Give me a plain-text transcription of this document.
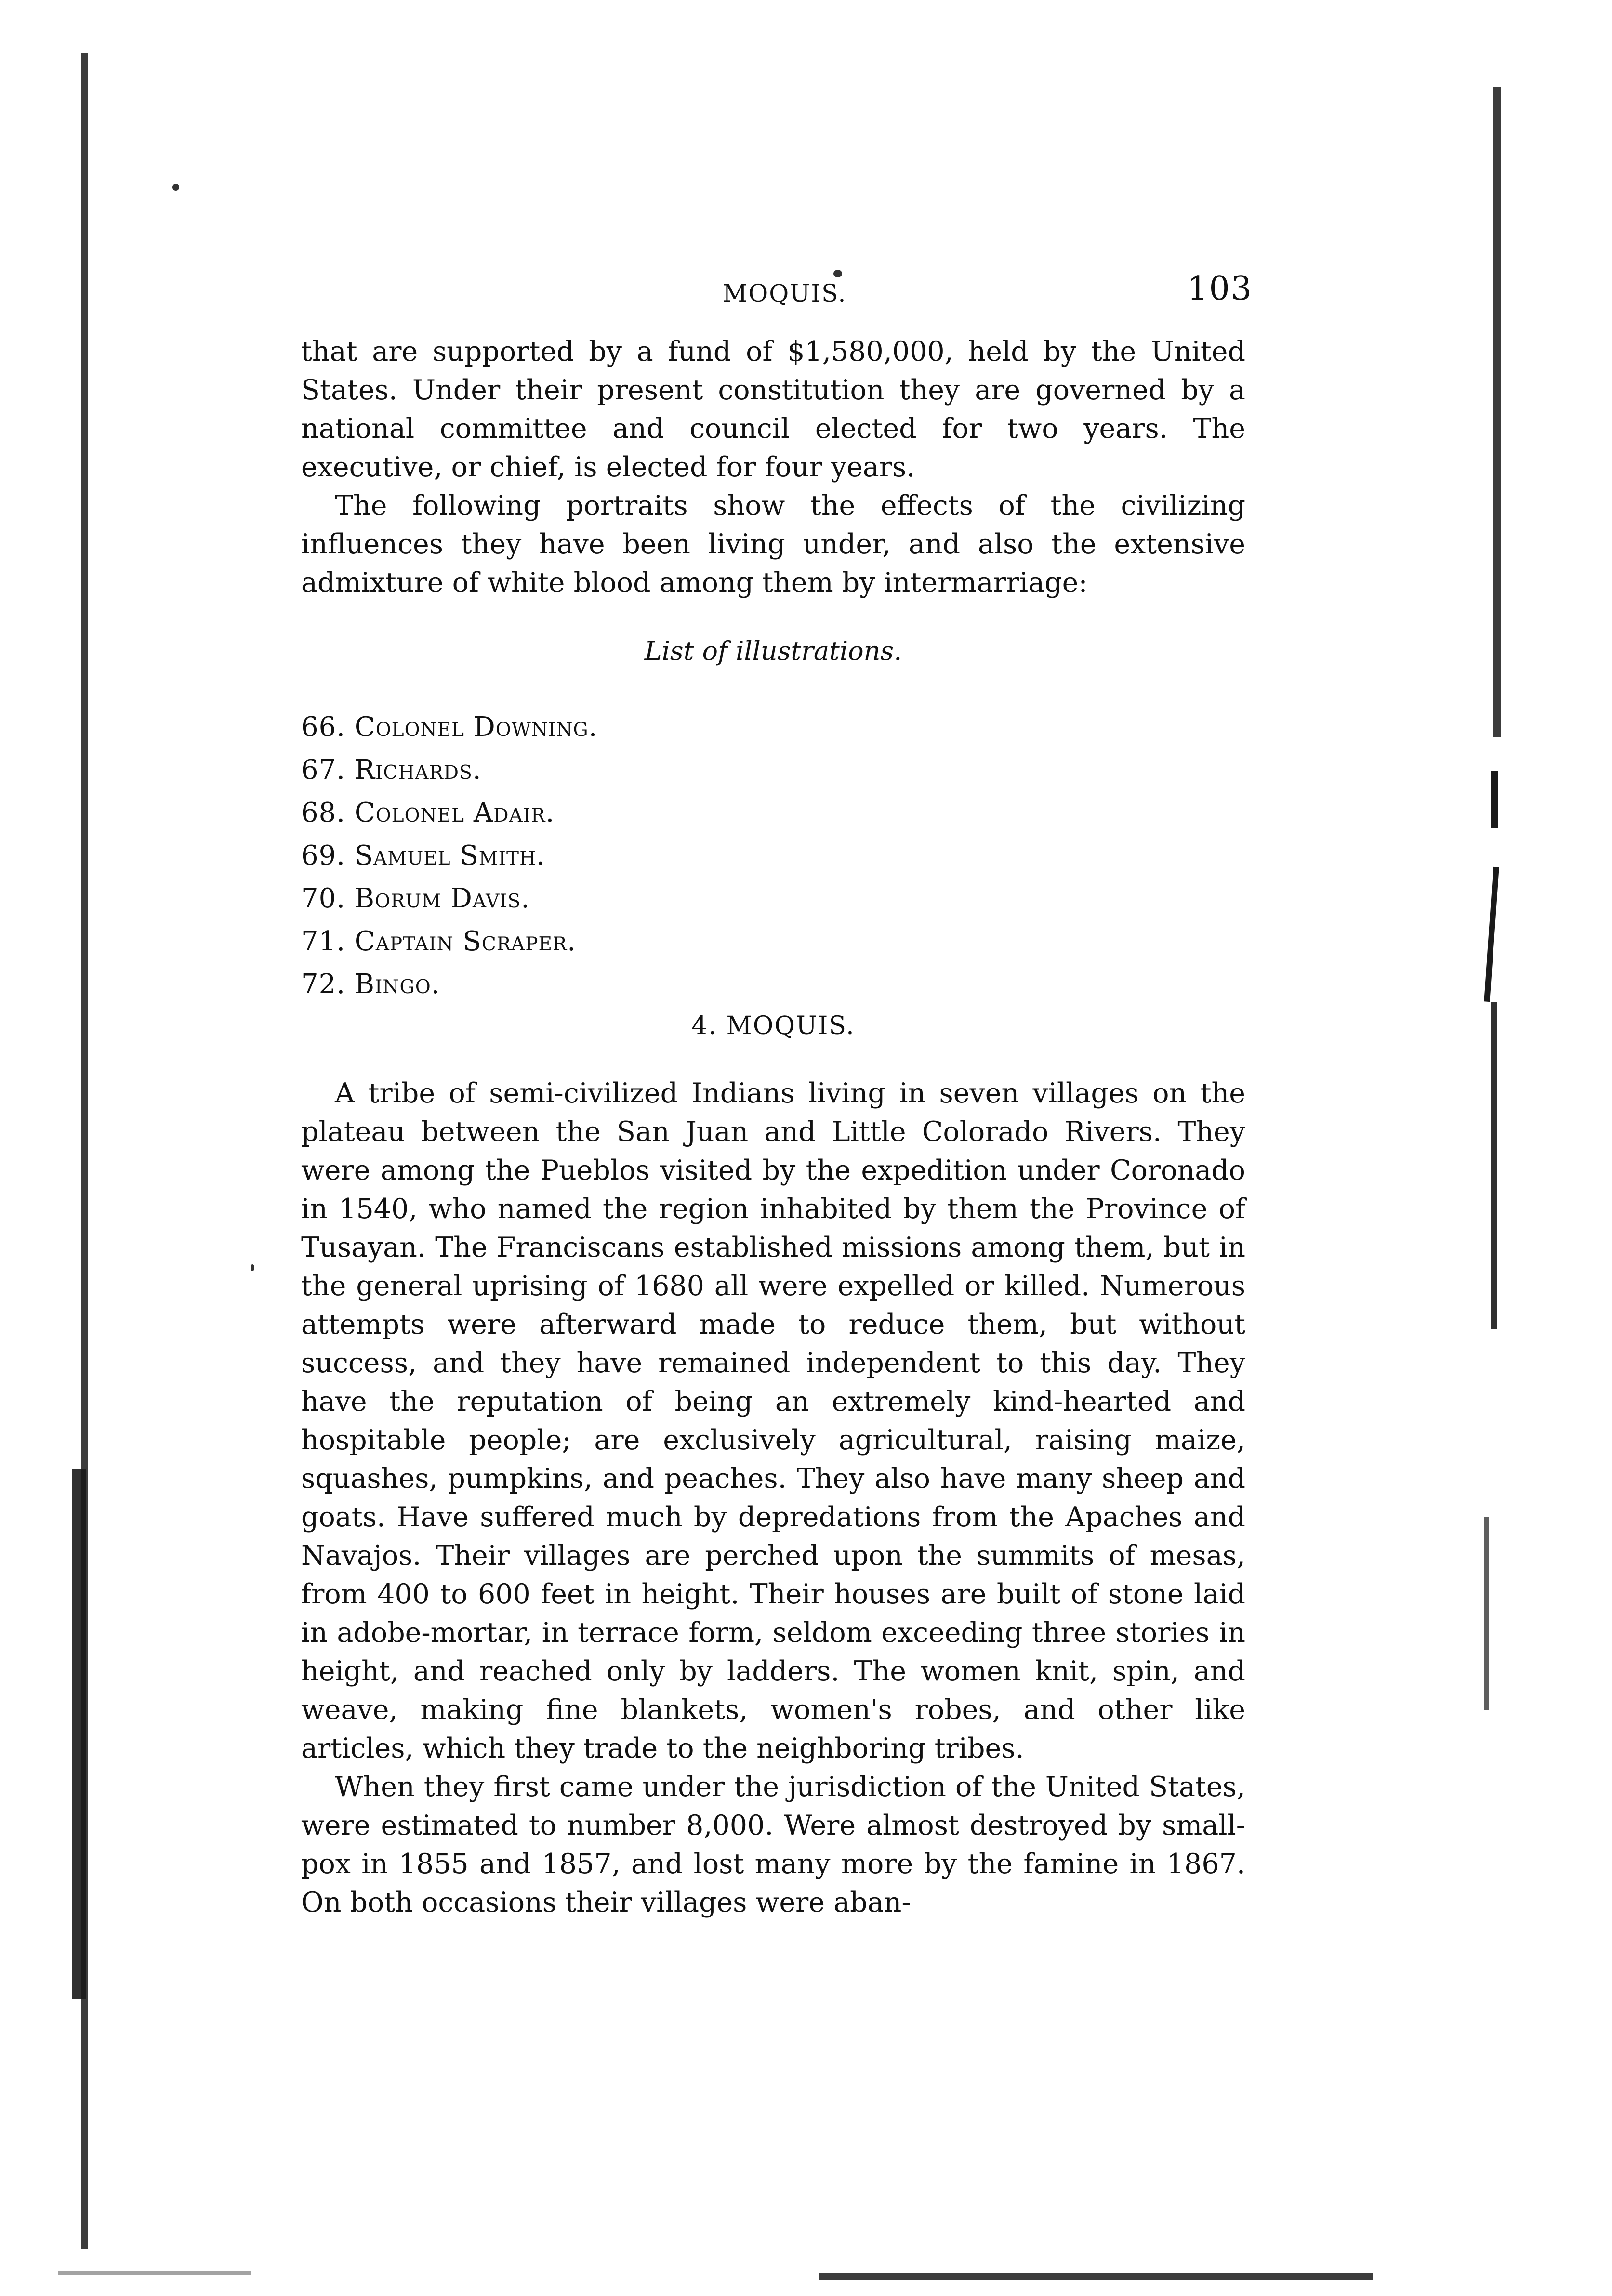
MOQUIS.	103

that are supported by a fund of $1,580,000, held by the United States. Under their present constitution they are governed by a national committee and council elected for two years. The executive, or chief, is elected for four years.

The following portraits show the effects of the civilizing influences they have been living under, and also the extensive admixture of white blood among them by intermarriage:

List of illustrations.
66. Colonel Downing.
67. Richards.
68. Colonel Adair.
69. Samuel Smith.
70. Borum Davis.
71. Captain Scraper.
72. Bingo.
4. MOQUIS.

A tribe of semi-civilized Indians living in seven villages on the plateau between the San Juan and Little Colorado Rivers. They were among the Pueblos visited by the expedition under Coronado in 1540, who named the region inhabited by them the Province of Tusayan. The Franciscans established missions among them, but in the general uprising of 1680 all were expelled or killed. Numerous attempts were afterward made to reduce them, but without success, and they have remained independent to this day. They have the reputation of being an extremely kind-hearted and hospitable people; are exclusively agricultural, raising maize, squashes, pumpkins, and peaches. They also have many sheep and goats. Have suffered much by depredations from the Apaches and Navajos. Their villages are perched upon the summits of mesas, from 400 to 600 feet in height. Their houses are built of stone laid in adobe-mortar, in terrace form, seldom exceeding three stories in height, and reached only by ladders. The women knit, spin, and weave, making fine blankets, women's robes, and other like articles, which they trade to the neighboring tribes.

When they first came under the jurisdiction of the United States, were estimated to number 8,000. Were almost destroyed by small-pox in 1855 and 1857, and lost many more by the famine in 1867. On both occasions their villages were aban-
